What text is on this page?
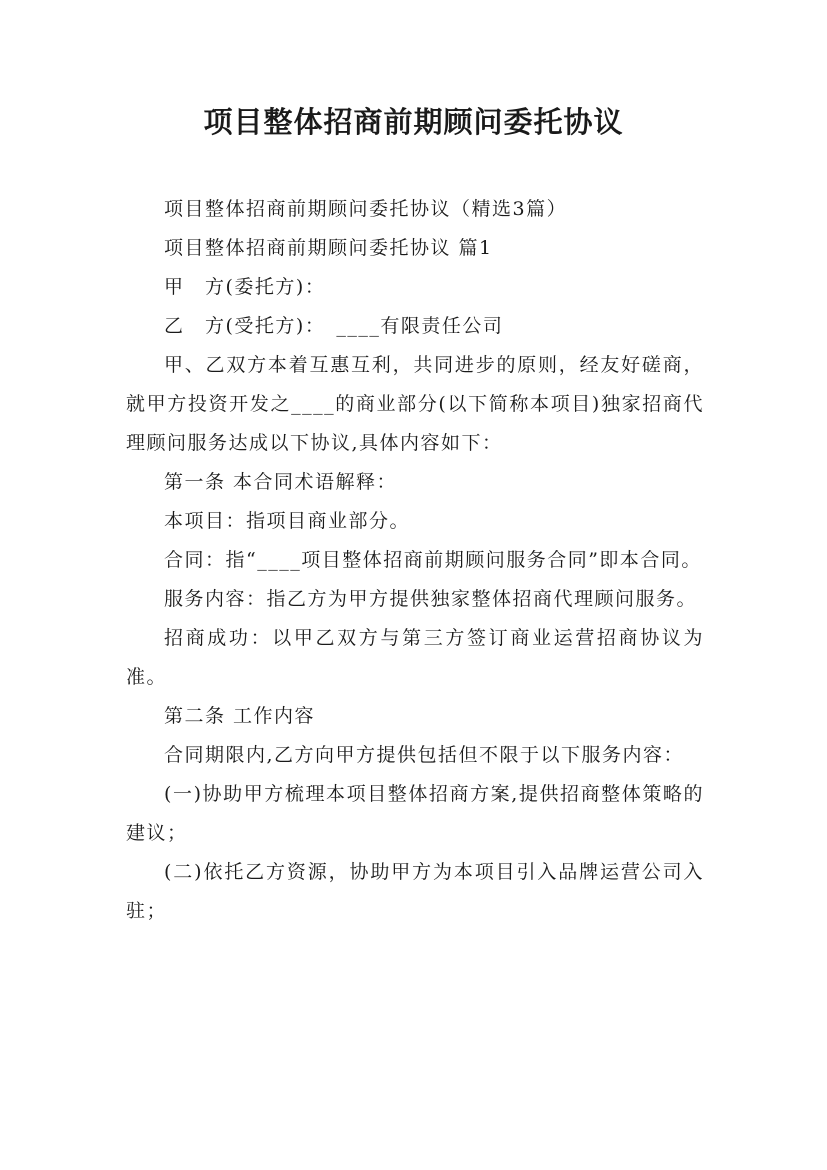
项目整体招商前期顾问委托协议

项目整体招商前期顾问委托协议（精选3篇）

项目整体招商前期顾问委托协议 篇1

甲　方(委托方)：

乙　方(受托方)：　____有限责任公司

甲、乙双方本着互惠互利，共同进步的原则，经友好磋商，就甲方投资开发之____的商业部分(以下简称本项目)独家招商代理顾问服务达成以下协议,具体内容如下：

第一条 本合同术语解释：

本项目：指项目商业部分。

合同：指“____项目整体招商前期顾问服务合同”即本合同。

服务内容：指乙方为甲方提供独家整体招商代理顾问服务。

招商成功：以甲乙双方与第三方签订商业运营招商协议为准。

第二条 工作内容

合同期限内,乙方向甲方提供包括但不限于以下服务内容：

(一)协助甲方梳理本项目整体招商方案,提供招商整体策略的建议；

(二)依托乙方资源，协助甲方为本项目引入品牌运营公司入驻；
